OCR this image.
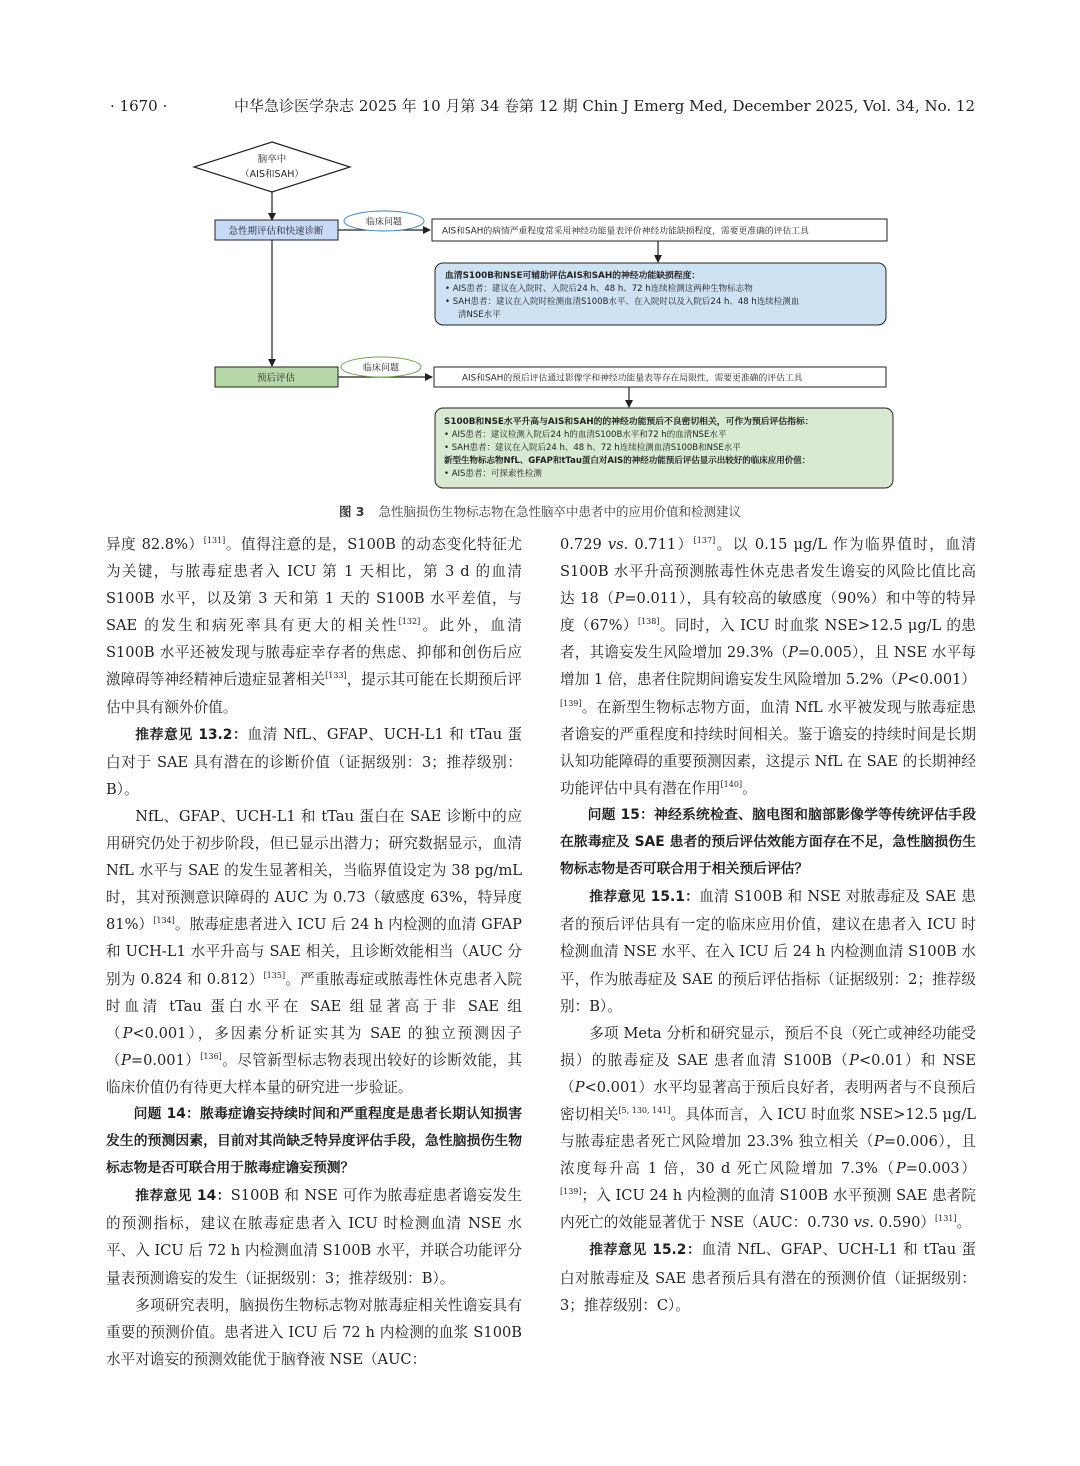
· 1670 ·	中华急诊医学杂志 2025 年 10 月第 34 卷第 12 期 Chin J Emerg Med, December 2025, Vol. 34, No. 12
脑卒中
（AIS和SAH）
急性期评估和快速诊断
临床问题
AIS和SAH的病情严重程度常采用神经功能量表评价神经功能缺损程度，需要更准确的评估工具
血清S100B和NSE可辅助评估AIS和SAH的神经功能缺损程度：
• AIS患者：建议在入院时、入院后24 h、48 h、72 h连续检测这两种生物标志物
• SAH患者：建议在入院时检测血清S100B水平、在入院时以及入院后24 h、48 h连续检测血
清NSE水平
预后评估
临床问题
AIS和SAH的预后评估通过影像学和神经功能量表等存在局限性，需要更准确的评估工具
S100B和NSE水平升高与AIS和SAH的的神经功能预后不良密切相关，可作为预后评估指标：
• AIS患者：建议检测入院后24 h的血清S100B水平和72 h的血清NSE水平
• SAH患者：建议在入院后24 h、48 h、72 h连续检测血清S100B和NSE水平
新型生物标志物NfL、GFAP和tTau蛋白对AIS的神经功能预后评估显示出较好的临床应用价值：
• AIS患者：可探索性检测
图 3 急性脑损伤生物标志物在急性脑卒中患者中的应用价值和检测建议

异度 82.8%）[131]。值得注意的是，S100B 的动态变化特征尤为关键，与脓毒症患者入 ICU 第 1 天相比，第 3 d 的血清 S100B 水平，以及第 3 天和第 1 天的 S100B 水平差值，与 SAE 的发生和病死率具有更大的相关性[132]。此外，血清 S100B 水平还被发现与脓毒症幸存者的焦虑、抑郁和创伤后应激障碍等神经精神后遗症显著相关[133]，提示其可能在长期预后评估中具有额外价值。

推荐意见 13.2：血清 NfL、GFAP、UCH-L1 和 tTau 蛋白对于 SAE 具有潜在的诊断价值（证据级别：3；推荐级别：B）。

NfL、GFAP、UCH-L1 和 tTau 蛋白在 SAE 诊断中的应用研究仍处于初步阶段，但已显示出潜力；研究数据显示，血清 NfL 水平与 SAE 的发生显著相关，当临界值设定为 38 pg/mL 时，其对预测意识障碍的 AUC 为 0.73（敏感度 63%，特异度 81%）[134]。脓毒症患者进入 ICU 后 24 h 内检测的血清 GFAP 和 UCH-L1 水平升高与 SAE 相关，且诊断效能相当（AUC 分别为 0.824 和 0.812）[135]。严重脓毒症或脓毒性休克患者入院时血清 tTau 蛋白水平在 SAE 组显著高于非 SAE 组（P<0.001），多因素分析证实其为 SAE 的独立预测因子（P=0.001）[136]。尽管新型标志物表现出较好的诊断效能，其临床价值仍有待更大样本量的研究进一步验证。

问题 14：脓毒症谵妄持续时间和严重程度是患者长期认知损害发生的预测因素，目前对其尚缺乏特异度评估手段，急性脑损伤生物标志物是否可联合用于脓毒症谵妄预测？

推荐意见 14：S100B 和 NSE 可作为脓毒症患者谵妄发生的预测指标，建议在脓毒症患者入 ICU 时检测血清 NSE 水平、入 ICU 后 72 h 内检测血清 S100B 水平，并联合功能评分量表预测谵妄的发生（证据级别：3；推荐级别：B）。

多项研究表明，脑损伤生物标志物对脓毒症相关性谵妄具有重要的预测价值。患者进入 ICU 后 72 h 内检测的血浆 S100B 水平对谵妄的预测效能优于脑脊液 NSE（AUC：

0.729 vs. 0.711）[137]。以 0.15 μg/L 作为临界值时，血清 S100B 水平升高预测脓毒性休克患者发生谵妄的风险比值比高达 18（P=0.011），具有较高的敏感度（90%）和中等的特异度（67%）[138]。同时，入 ICU 时血浆 NSE>12.5 μg/L 的患者，其谵妄发生风险增加 29.3%（P=0.005），且 NSE 水平每增加 1 倍，患者住院期间谵妄发生风险增加 5.2%（P<0.001）[139]。在新型生物标志物方面，血清 NfL 水平被发现与脓毒症患者谵妄的严重程度和持续时间相关。鉴于谵妄的持续时间是长期认知功能障碍的重要预测因素，这提示 NfL 在 SAE 的长期神经功能评估中具有潜在作用[140]。

问题 15：神经系统检查、脑电图和脑部影像学等传统评估手段在脓毒症及 SAE 患者的预后评估效能方面存在不足，急性脑损伤生物标志物是否可联合用于相关预后评估？

推荐意见 15.1：血清 S100B 和 NSE 对脓毒症及 SAE 患者的预后评估具有一定的临床应用价值，建议在患者入 ICU 时检测血清 NSE 水平、在入 ICU 后 24 h 内检测血清 S100B 水平，作为脓毒症及 SAE 的预后评估指标（证据级别：2；推荐级别：B）。

多项 Meta 分析和研究显示，预后不良（死亡或神经功能受损）的脓毒症及 SAE 患者血清 S100B（P<0.01）和 NSE（P<0.001）水平均显著高于预后良好者，表明两者与不良预后密切相关[5, 130, 141]。具体而言，入 ICU 时血浆 NSE>12.5 μg/L 与脓毒症患者死亡风险增加 23.3% 独立相关（P=0.006），且浓度每升高 1 倍，30 d 死亡风险增加 7.3%（P=0.003）[139]；入 ICU 24 h 内检测的血清 S100B 水平预测 SAE 患者院内死亡的效能显著优于 NSE（AUC：0.730 vs. 0.590）[131]。

推荐意见 15.2：血清 NfL、GFAP、UCH-L1 和 tTau 蛋白对脓毒症及 SAE 患者预后具有潜在的预测价值（证据级别：3；推荐级别：C）。
